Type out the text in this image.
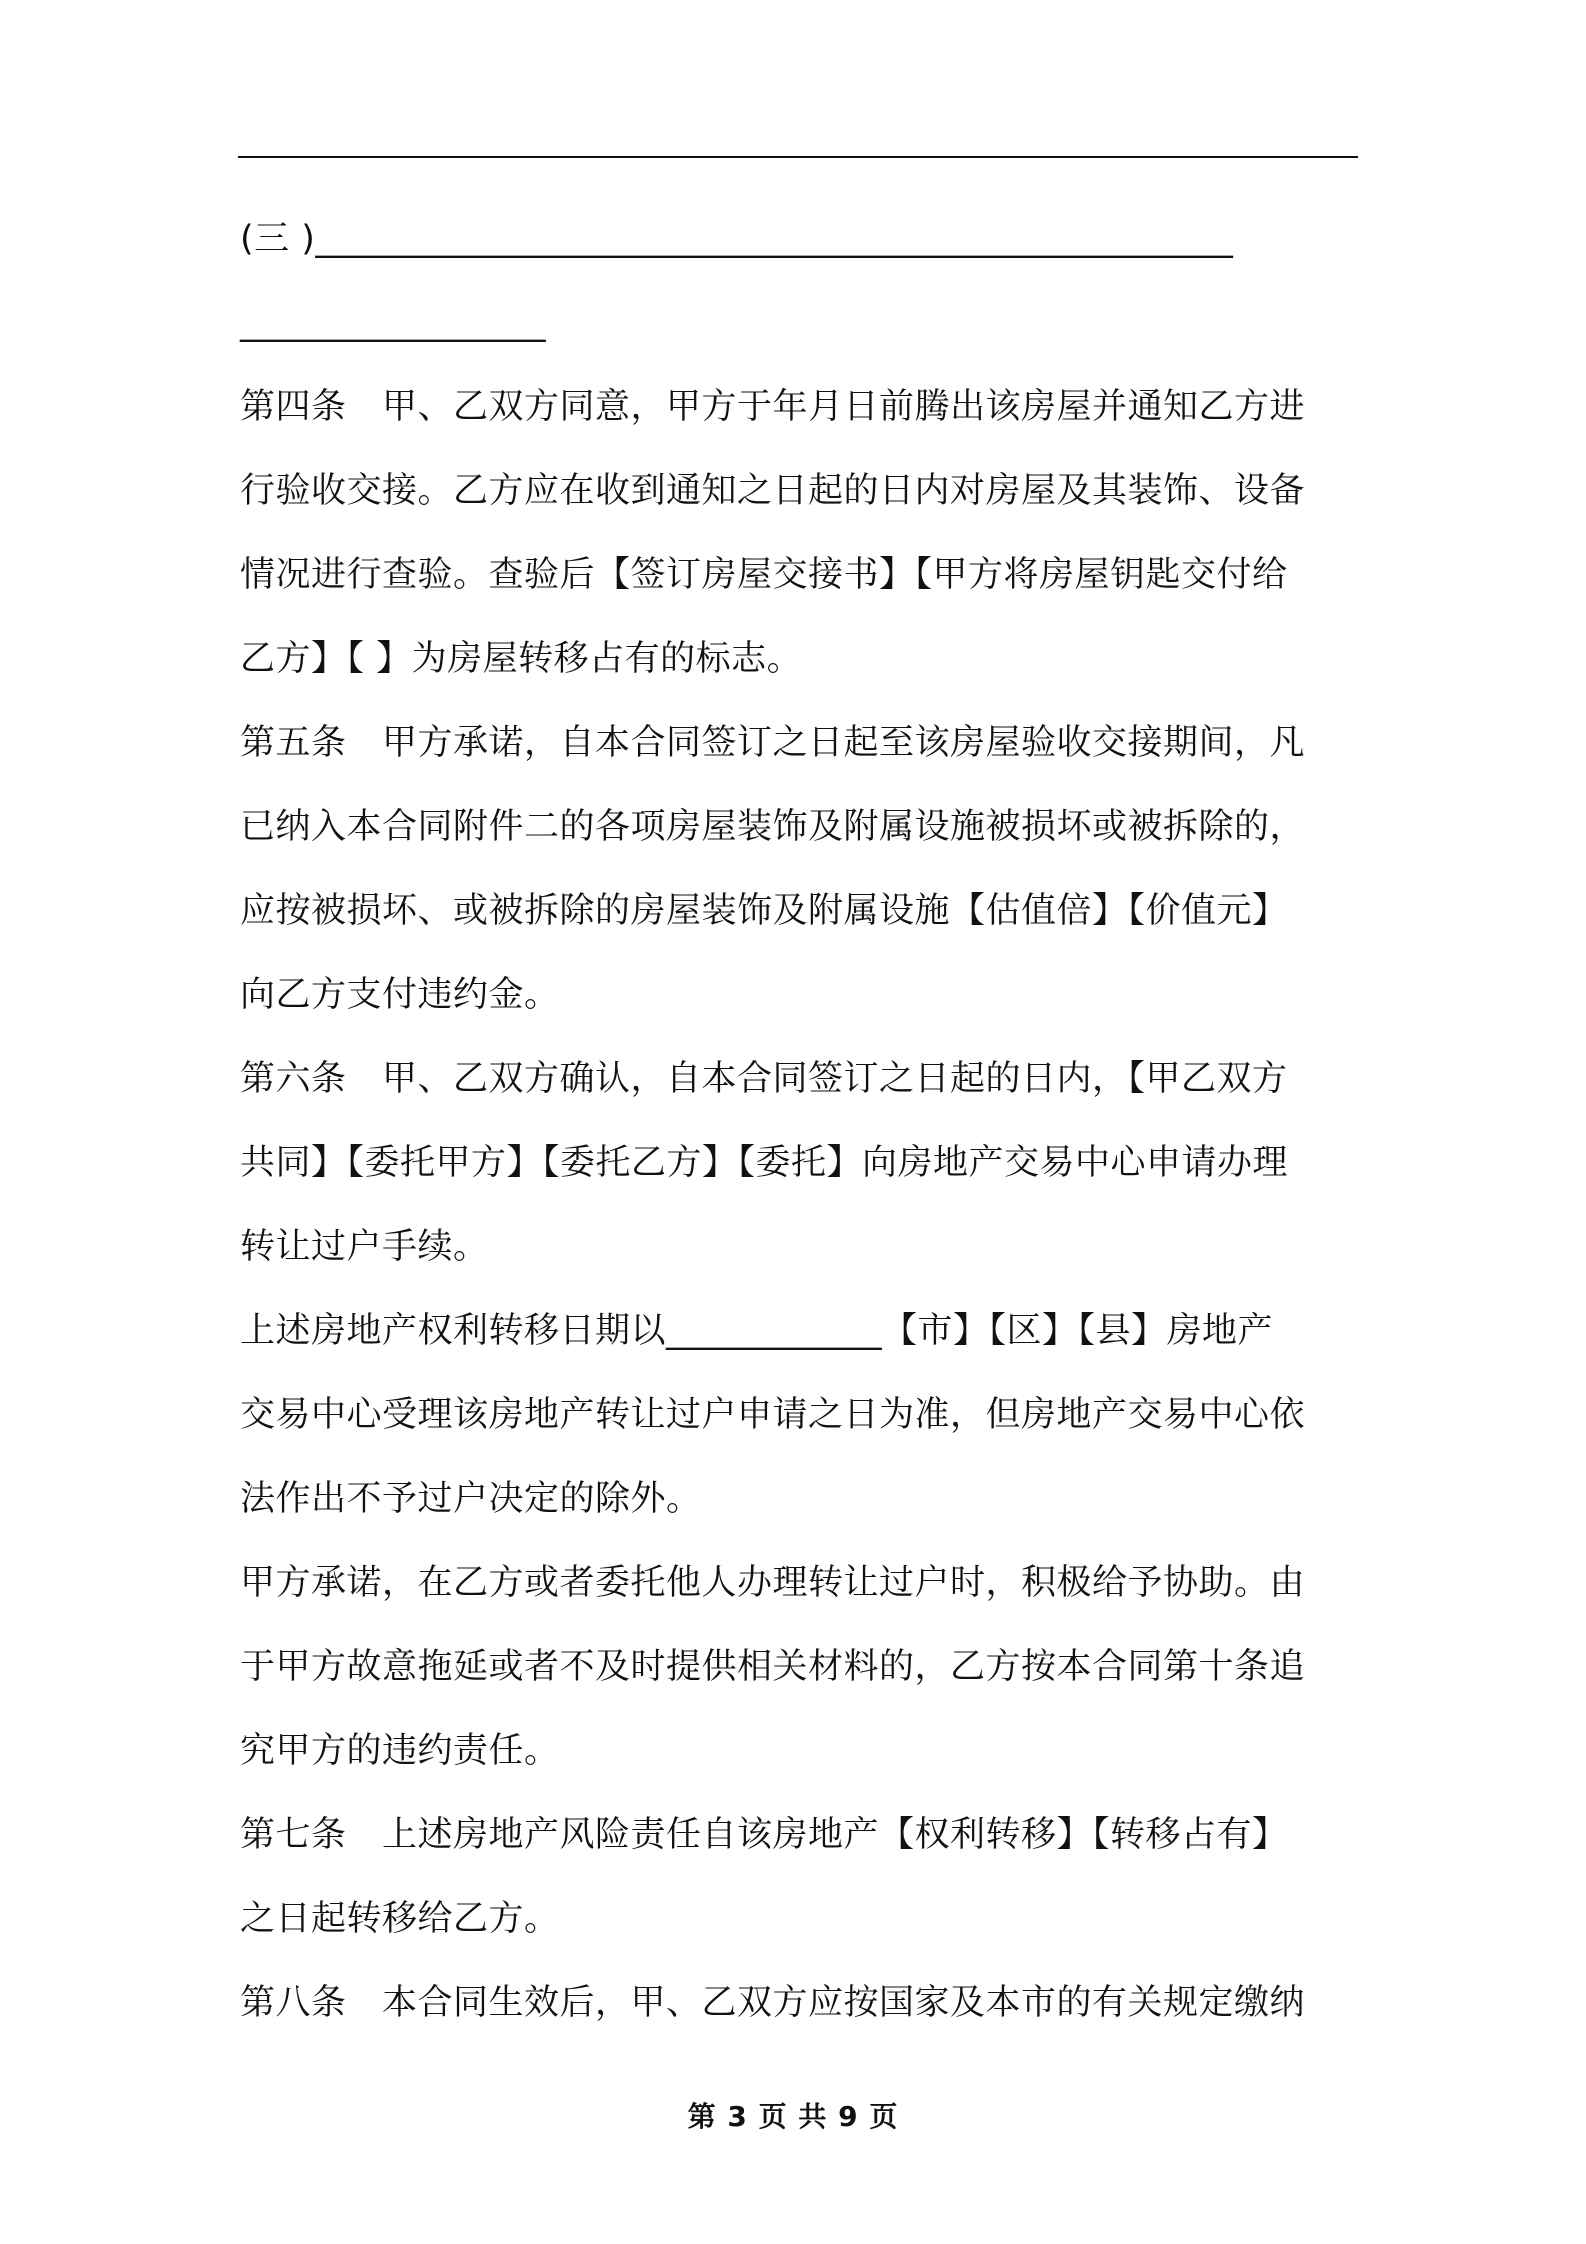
(三 )___________________________________________________
_________________
第四条　甲、乙双方同意，甲方于年月日前腾出该房屋并通知乙方进
行验收交接。乙方应在收到通知之日起的日内对房屋及其装饰、设备
情况进行查验。查验后【签订房屋交接书】【甲方将房屋钥匙交付给
乙方】【 】为房屋转移占有的标志。
第五条　甲方承诺，自本合同签订之日起至该房屋验收交接期间，凡
已纳入本合同附件二的各项房屋装饰及附属设施被损坏或被拆除的，
应按被损坏、或被拆除的房屋装饰及附属设施【估值倍】【价值元】
向乙方支付违约金。
第六条　甲、乙双方确认，自本合同签订之日起的日内，【甲乙双方
共同】【委托甲方】【委托乙方】【委托】向房地产交易中心申请办理
转让过户手续。
上述房地产权利转移日期以____________【市】【区】【县】房地产
交易中心受理该房地产转让过户申请之日为准，但房地产交易中心依
法作出不予过户决定的除外。
甲方承诺，在乙方或者委托他人办理转让过户时，积极给予协助。由
于甲方故意拖延或者不及时提供相关材料的，乙方按本合同第十条追
究甲方的违约责任。
第七条　上述房地产风险责任自该房地产【权利转移】【转移占有】
之日起转移给乙方。
第八条　本合同生效后，甲、乙双方应按国家及本市的有关规定缴纳
第 3 页 共 9 页
